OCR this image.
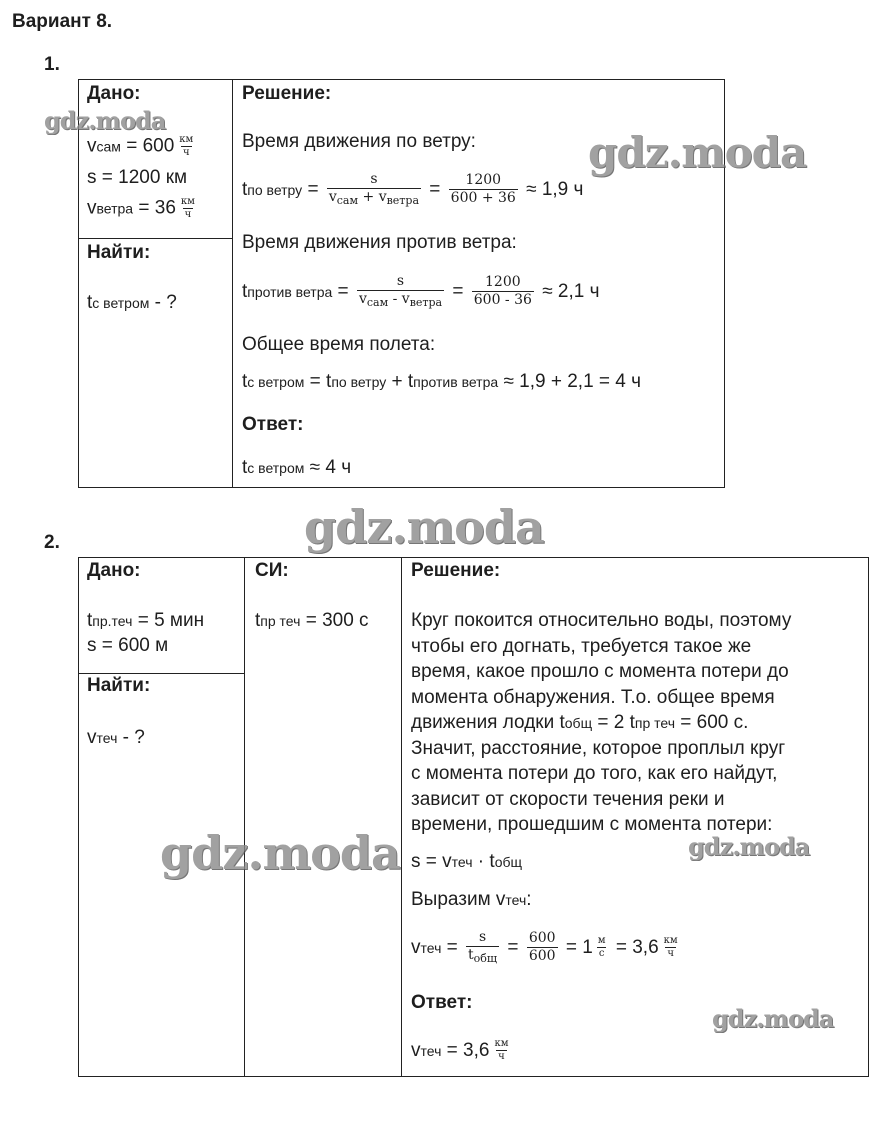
Вариант 8.
1.
Дано:
vсам = $600 \frac{км}{ч}$
s = 1200 км
vветра = $36 \frac{км}{ч}$
Найти:
tс ветром - ?
Решение:
Время движения по ветру:
tпо ветру = $\frac{s}{v_{сам} + v_{ветра}} = \frac{1200}{600 + 36} \approx 1,9$ ч
Время движения против ветра:
tпротив ветра = $\frac{s}{v_{сам} - v_{ветра}} = \frac{1200}{600 - 36} \approx 2,1$ ч
Общее время полета:
tс ветром = tпо ветру + tпротив ветра ≈ 1,9 + 2,1 = 4 ч
Ответ:
tс ветром ≈ 4 ч
2.
Дано:
tпр.теч = 5 мин
s = 600 м
Найти:
vтеч - ?
СИ:
tпр теч = 300 с
Решение:
Круг покоится относительно воды, поэтому
чтобы его догнать, требуется такое же
время, какое прошло с момента потери до
момента обнаружения. Т.о. общее время
движения лодки tобщ = 2 tпр теч = 600 с.
Значит, расстояние, которое проплыл круг
с момента потери до того, как его найдут,
зависит от скорости течения реки и
времени, прошедшим с момента потери:
s = vтеч · tобщ
Выразим vтеч:
vтеч = $\frac{s}{t_{общ}} = \frac{600}{600} = 1 \frac{м}{с} = 3,6 \frac{км}{ч}$
Ответ:
vтеч = $3,6 \frac{км}{ч}$
gdz.moda
gdz.moda
gdz.moda
gdz.moda	gdz.moda
gdz.moda
